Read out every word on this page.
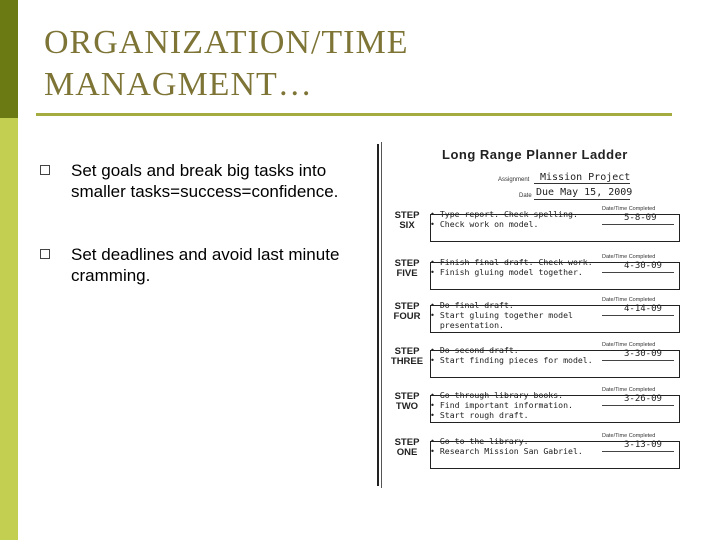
ORGANIZATION/TIME
MANAGMENT…
Set goals and break big tasks into smaller tasks=success=confidence.
Set deadlines and avoid last minute cramming.
Long Range Planner Ladder
Assignment Mission Project
Date Due May 15, 2009
STEP
SIX
• Type report. Check spelling.
• Check work on model.
Date/Time Completed
5-8-09
STEP
FIVE
• Finish final draft. Check work.
• Finish gluing model together.
Date/Time Completed
4-30-09
STEP
FOUR
• Do final draft.
• Start gluing together model
presentation.
Date/Time Completed
4-14-09
STEP
THREE
• Do second draft.
• Start finding pieces for model.
Date/Time Completed
3-30-09
STEP
TWO
• Go through library books.
• Find important information.
• Start rough draft.
Date/Time Completed
3-26-09
STEP
ONE
• Go to the library.
• Research Mission San Gabriel.
Date/Time Completed
3-13-09
